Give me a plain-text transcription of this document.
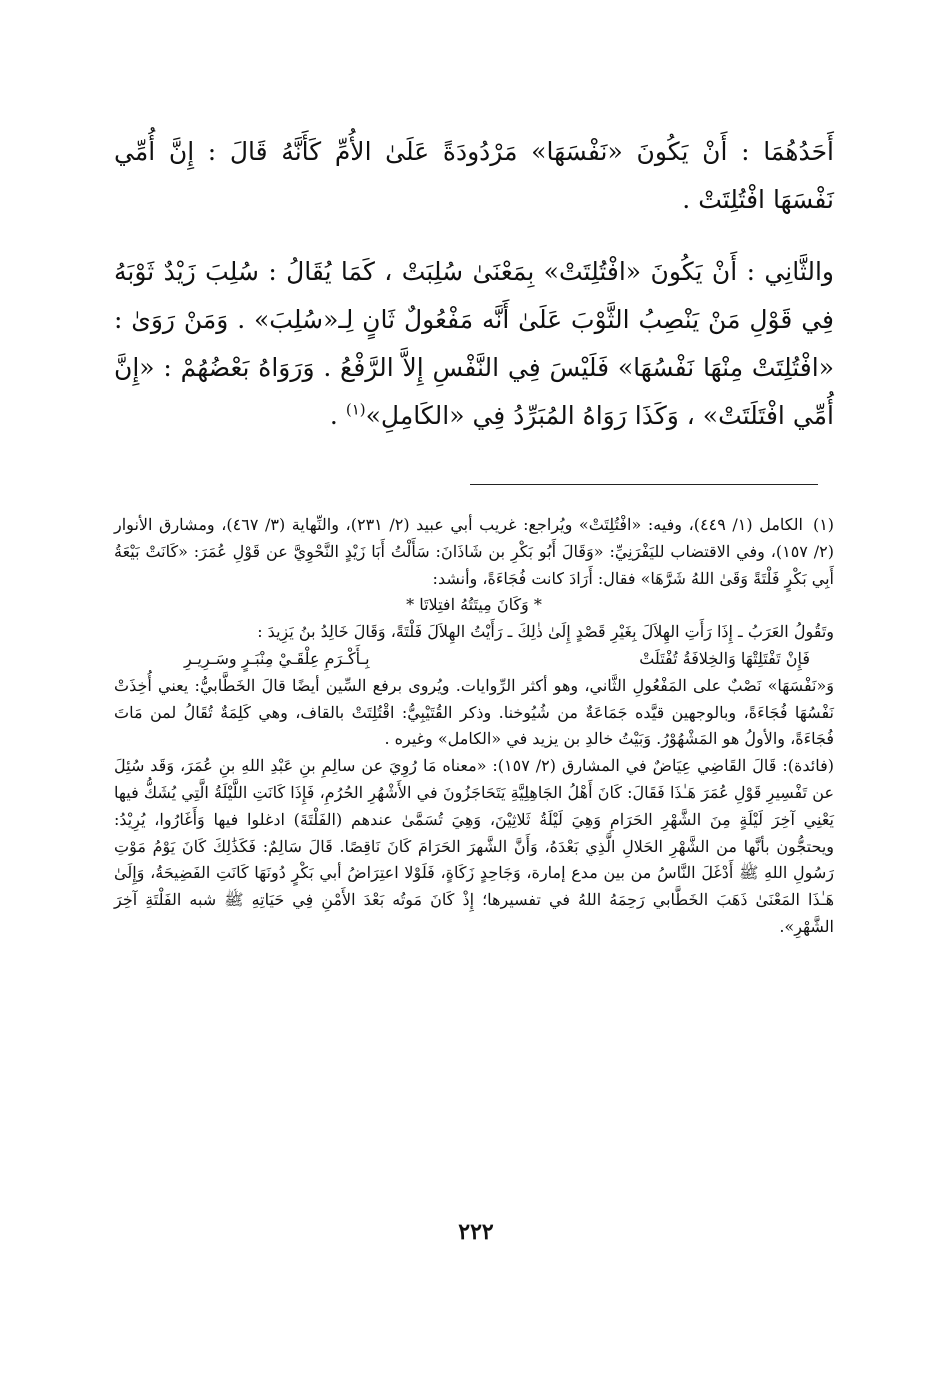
أَحَدُهُمَا : أَنْ يَكُونَ «نَفْسَهَا» مَرْدُودَةً عَلَىٰ الأُمِّ كَأَنَّهُ قَالَ : إِنَّ أُمِّي نَفْسَهَا افْتُلِتَتْ .

والثَّانِي : أَنْ يَكُونَ «افْتُلِتَتْ» بِمَعْنَىٰ سُلِبَتْ ، كَمَا يُقَالُ : سُلِبَ زَيْدٌ ثَوْبَهُ فِي قَوْلِ مَنْ يَنْصِبُ الثَّوْبَ عَلَىٰ أَنَّه مَفْعُولٌ ثَانٍ لِـ«سُلِبَ» . وَمَنْ رَوَىٰ : «افْتُلِتَتْ مِنْهَا نَفْسُهَا» فَلَيْسَ فِي النَّفْسِ إِلاَّ الرَّفْعُ . وَرَوَاهُ بَعْضُهُمْ : «إِنَّ أُمِّي افْتَلَتَتْ» ، وَكَذَا رَوَاهُ المُبَرِّدُ فِي «الكَامِلِ»$^{(١)}$ .

(١)الكامل (١/ ٤٤٩)، وفيه: «افْتُلِتَتْ» ويُراجع: غريب أبي عبيد (٢/ ٢٣١)، والنِّهاية (٣/ ٤٦٧)، ومشارق الأنوار (٢/ ١٥٧)، وفي الاقتضاب لليَفْرَنِيِّ: «وَقَالَ أَبُو بَكْرِ بن شَاذَانَ: سَأَلْتُ أَبَا زَيْدٍ النَّحْوِيَّ عن قَوْلِ عُمَرَ: «كَانَتْ بَيْعَةُ أَبِي بَكْرٍ فَلْتَةً وَقَىٰ اللهُ شَرَّهَا» فقال: أَرَادَ كانت فُجَاءَةً، وأنشد:

* وَكَانَ مِيتَتُهُ افتِلاتَا *

وتَقُولُ العَرَبُ ـ إِذَا رَأَتِ الهِلاَلَ بِغَيْرِ قَصْدٍ إِلَىٰ ذٰلِكَ ـ رَأَيْتُ الهِلاَلَ فَلْتَةً، وَقَالَ خَالِدُ بنُ يَزِيدَ :

فَإِنْ تَفْتَلِتْهَا وَالخِلافَةُ تُفْتَلَتْ
بِـأَكْـرَمِ عِلْقَـيْ مِنْبَـرٍ وسَـرِيـرِ

وَ«نَفْسَهَا» نَصْبٌ على المَفْعُولِ الثَّاني، وهو أكثر الرِّوايات. ويُروى برفع السِّين أيضًا قالَ الخَطَّابيُّ: يعني أُخِذَتْ نَفْسُهَا فُجَاءَةً، وبالوجهين قيَّده جَمَاعَةٌ من شُيُوخنا. وذكر القُتَيْبِيُّ: اقْتُلِتَتْ بالقاف، وهي كَلِمَةٌ تُقَالُ لمن مَاتَ فُجَاءَةً، والأولُ هو المَشْهُوْرُ. وَبَيْتُ خالدِ بن يزيد في «الكامل» وغيره .

(فائدة): قَالَ القَاضِي عِيَاضٌ في المشارق (٢/ ١٥٧): «معناه مَا رُوِيَ عن سالِمِ بنِ عَبْدِ اللهِ بنِ عُمَرَ، وَقَد سُئِلَ عن تَفْسِيرِ قَوْلِ عُمَرَ هَـٰذَا فَقَالَ: كَانَ أَهْلُ الجَاهِلِيَّةِ يَتَحَاجَزُونَ في الأَشْهُرِ الحُرُمِ، فَإِذَا كَانَتِ اللَّيْلَةُ الَّتِي يُشَكُّ فيها يَعْنِي آخِرَ لَيْلَةٍ مِنَ الشَّهْرِ الحَرَامِ وَهِيَ لَيْلَةُ ثَلاثِيْنَ، وَهِيَ تُسَمَّىٰ عندهم (الفَلْتَةَ) ادغلوا فيها وَأَغَارُوا، يُرِيْدُ: ويحتجُّون بأنَّها من الشَّهْرِ الحَلالِ الَّذِي بَعْدَهُ، وَأَنَّ الشَّهرَ الحَرَامَ كَانَ نَاقِصًا. قَالَ سَالِمٌ: فَكَذَٰلِكَ كَانَ يَوْمُ مَوْتِ رَسُولِ اللهِ ﷺ أَدْغَلَ النَّاسُ من بين مدع إمارة، وَجَاحِدٍ زَكَاةٍ، فَلَوْلا اعتِرَاضُ أبي بَكْرٍ دُونَهَا كَانَتِ الفَضِيحَةُ، وَإِلَىٰ هَـٰذَا المَعْنَىٰ ذَهَبَ الخَطَّابي رَحِمَهُ اللهُ في تفسيرها؛ إِذْ كَانَ مَوتُه بَعْدَ الأَمْنِ فِي حَيَاتِهِ ﷺ شبه الفَلْتَةِ آخِرَ الشَّهْرِ».

٢٢٢
